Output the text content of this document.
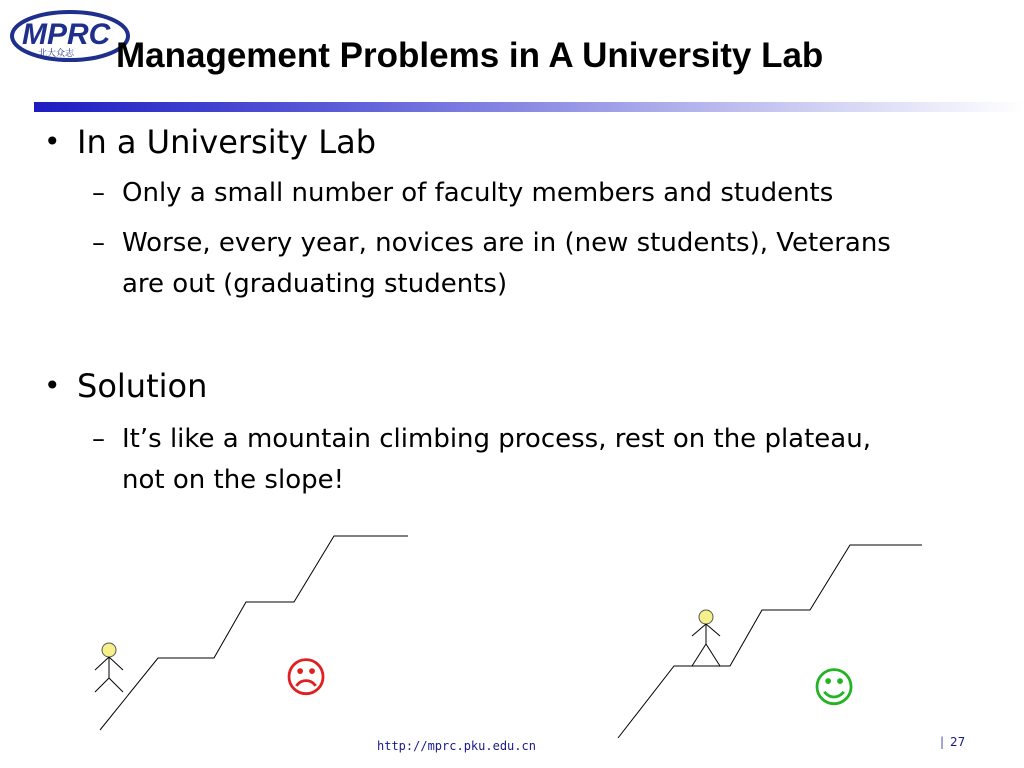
MPRC
北大众志 Management Problems in A University Lab
• In a University Lab
– Only a small number of faculty members and students
– Worse, every year, novices are in (new students), Veterans
are out (graduating students)
• Solution
– It’s like a mountain climbing process, rest on the plateau,
not on the slope!
☹	☺
http://mprc.pku.edu.cn	| 27
